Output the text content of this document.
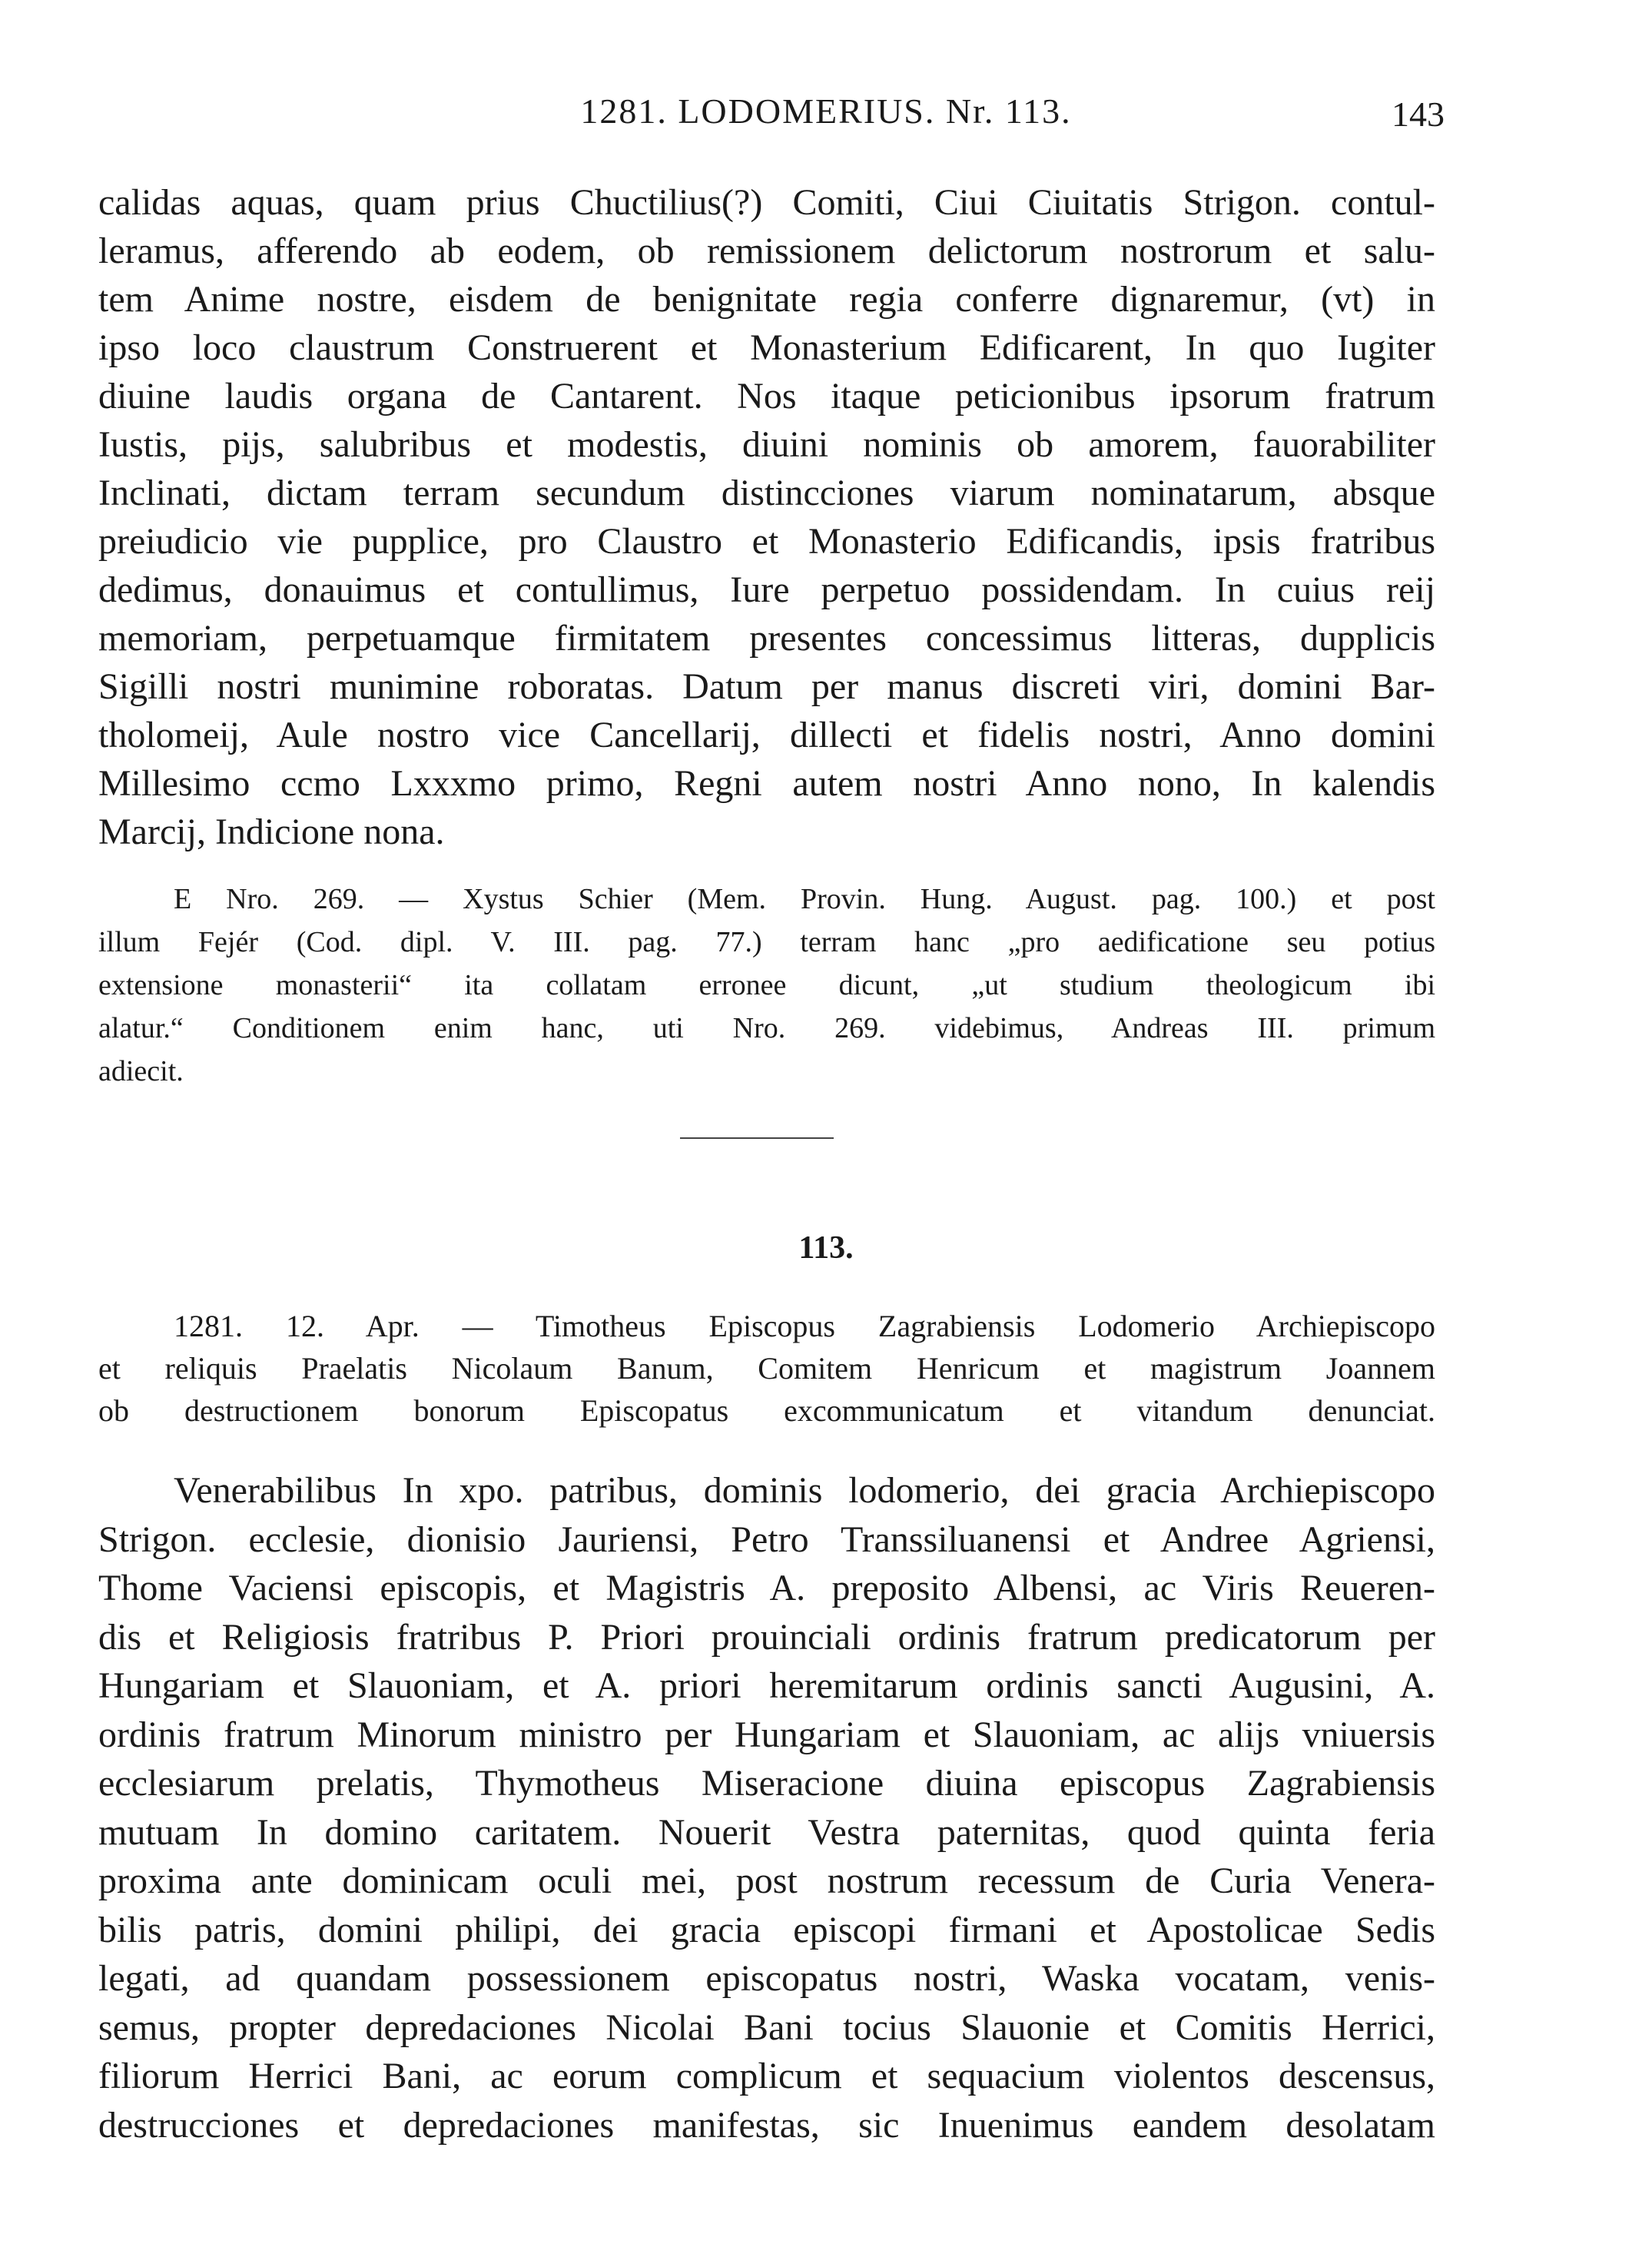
1281. LODOMERIUS. Nr. 113.	143
calidas aquas, quam prius Chuctilius(?) Comiti, Ciui Ciuitatis Strigon. contul-
leramus, afferendo ab eodem, ob remissionem delictorum nostrorum et salu-
tem Anime nostre, eisdem de benignitate regia conferre dignaremur, (vt) in
ipso loco claustrum Construerent et Monasterium Edificarent, In quo Iugiter
diuine laudis organa de Cantarent. Nos itaque peticionibus ipsorum fratrum
Iustis, pijs, salubribus et modestis, diuini nominis ob amorem, fauorabiliter
Inclinati, dictam terram secundum distincciones viarum nominatarum, absque
preiudicio vie pupplice, pro Claustro et Monasterio Edificandis, ipsis fratribus
dedimus, donauimus et contullimus, Iure perpetuo possidendam. In cuius reij
memoriam, perpetuamque firmitatem presentes concessimus litteras, dupplicis
Sigilli nostri munimine roboratas. Datum per manus discreti viri, domini Bar-
tholomeij, Aule nostro vice Cancellarij, dillecti et fidelis nostri, Anno domini
Millesimo ccmo Lxxxmo primo, Regni autem nostri Anno nono, In kalendis
Marcij, Indicione nona.
E Nro. 269. — Xystus Schier (Mem. Provin. Hung. August. pag. 100.) et post
illum Fejér (Cod. dipl. V. III. pag. 77.) terram hanc „pro aedificatione seu potius
extensione monasterii“ ita collatam erronee dicunt, „ut studium theologicum ibi
alatur.“ Conditionem enim hanc, uti Nro. 269. videbimus, Andreas III. primum
adiecit.
113.
1281. 12. Apr. — Timotheus Episcopus Zagrabiensis Lodomerio Archiepiscopo
et reliquis Praelatis Nicolaum Banum, Comitem Henricum et magistrum Joannem
ob destructionem bonorum Episcopatus excommunicatum et vitandum denunciat.
Venerabilibus In xpo. patribus, dominis lodomerio, dei gracia Archiepiscopo
Strigon. ecclesie, dionisio Jauriensi, Petro Transsiluanensi et Andree Agriensi,
Thome Vaciensi episcopis, et Magistris A. preposito Albensi, ac Viris Reueren-
dis et Religiosis fratribus P. Priori prouinciali ordinis fratrum predicatorum per
Hungariam et Slauoniam, et A. priori heremitarum ordinis sancti Augusini, A.
ordinis fratrum Minorum ministro per Hungariam et Slauoniam, ac alijs vniuersis
ecclesiarum prelatis, Thymotheus Miseracione diuina episcopus Zagrabiensis
mutuam In domino caritatem. Nouerit Vestra paternitas, quod quinta feria
proxima ante dominicam oculi mei, post nostrum recessum de Curia Venera-
bilis patris, domini philipi, dei gracia episcopi firmani et Apostolicae Sedis
legati, ad quandam possessionem episcopatus nostri, Waska vocatam, venis-
semus, propter depredaciones Nicolai Bani tocius Slauonie et Comitis Herrici,
filiorum Herrici Bani, ac eorum complicum et sequacium violentos descensus,
destrucciones et depredaciones manifestas, sic Inuenimus eandem desolatam
